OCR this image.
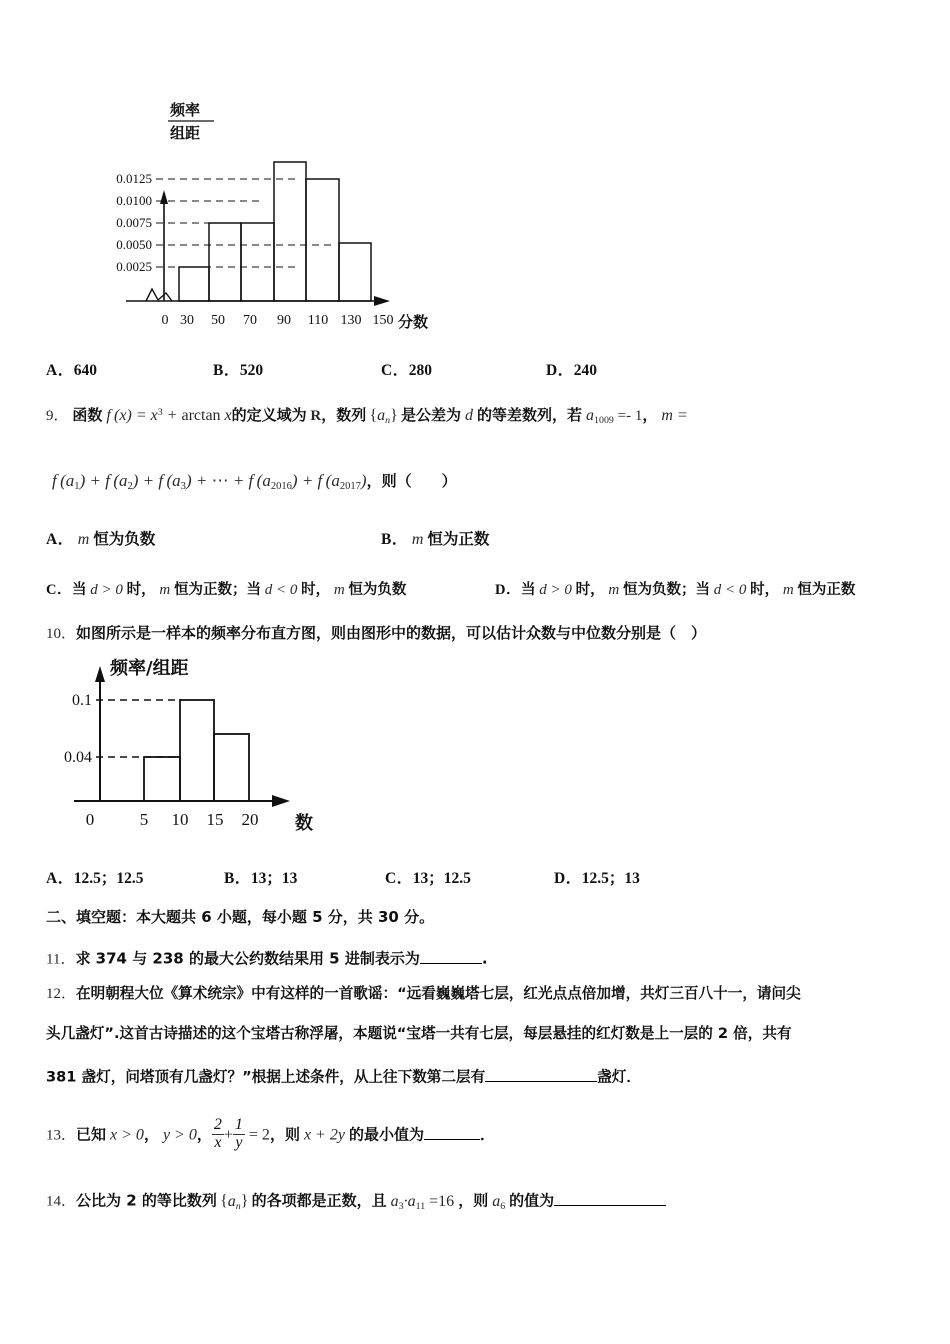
0.0125
0.0100
0.0075
0.0050
0.0025
0 30 50 70 90 110 130 150
频率
组距
分数
A．640	B．520	C．280	D．240
9． 函数 f $(x) = x^3 + \arctan x$的定义域为 R，数列 $\{a_n\}$ 是公差为 d 的等差数列，若 $a_{1009} =- 1$， m =
f $(a_1) + f$ $(a_2) + f$ $(a_3)$ + ⋯ + f $(a_{2016}) + f$ $(a_{2017})$，则（　　）
A． m 恒为负数	B． m 恒为正数
C．当 d > 0 时， m 恒为正数；当 d < 0 时， m 恒为负数	D．当 d > 0 时， m 恒为负数；当 d < 0 时， m 恒为正数
10．如图所示是一样本的频率分布直方图，则由图形中的数据，可以估计众数与中位数分别是（　）
0.1
0.04
0	5 10 15 20
频率/组距
数
A．12.5；12.5	B．13；13	C．13；12.5	D．12.5；13
二、填空题：本大题共 6 小题，每小题 5 分，共 30 分。
11．求 374 与 238 的最大公约数结果用 5 进制表示为	.
12．在明朝程大位《算术统宗》中有这样的一首歌谣：“远看巍巍塔七层，红光点点倍加增，共灯三百八十一，请问尖
头几盏灯”.这首古诗描述的这个宝塔古称浮屠，本题说“宝塔一共有七层，每层悬挂的红灯数是上一层的 2 倍，共有
381 盏灯，问塔顶有几盏灯？”根据上述条件，从上往下数第二层有	盏灯．
13．已知 x > 0， y > 0， $\frac{2}{x} + \frac{1}{y} = 2$，则 x + 2y 的最小值为	．
14．公比为 2 的等比数列 $\{a_n\}$ 的各项都是正数，且 $a_3\cdot a_{11} =16$ ，则 $a_6$ 的值为
